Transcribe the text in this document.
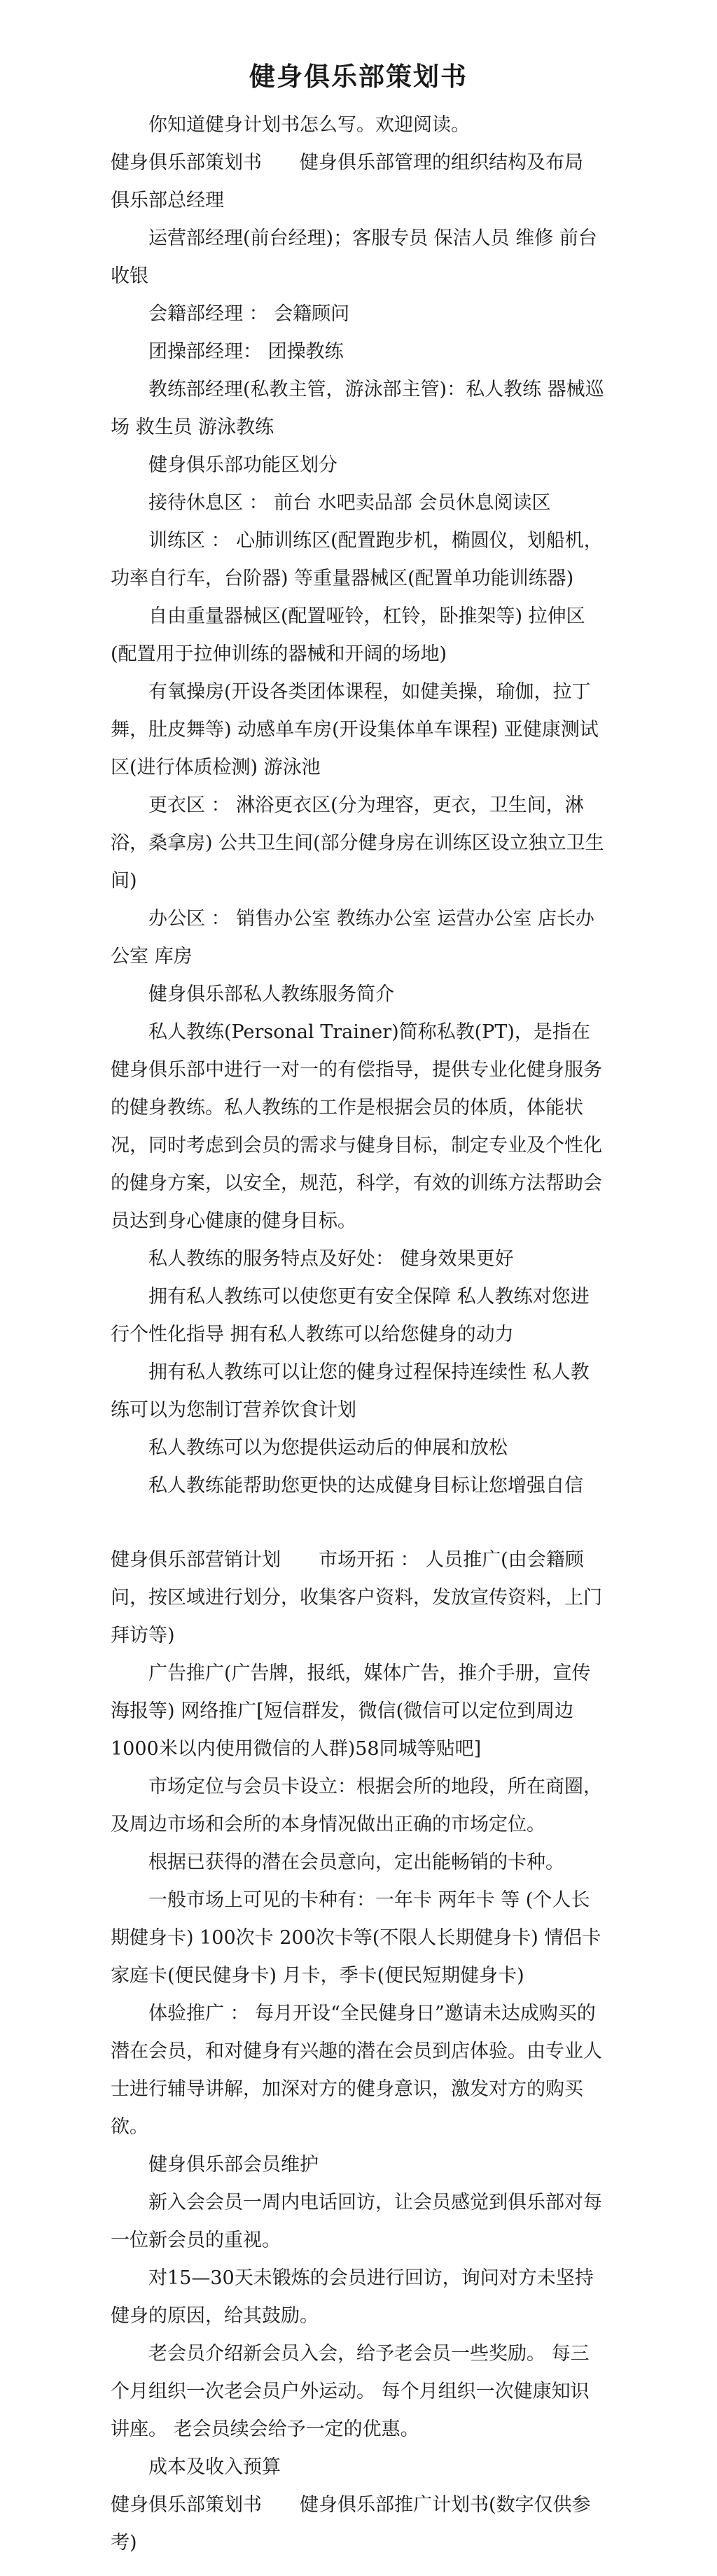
健身俱乐部策划书

你知道健身计划书怎么写。欢迎阅读。

健身俱乐部策划书　　健身俱乐部管理的组织结构及布局 俱乐部总经理

运营部经理(前台经理)；客服专员 保洁人员 维修 前台 收银

会籍部经理 ： 会籍顾问

团操部经理： 团操教练

教练部经理(私教主管，游泳部主管)：私人教练 器械巡场 救生员 游泳教练

健身俱乐部功能区划分

接待休息区 ： 前台 水吧卖品部 会员休息阅读区

训练区 ： 心肺训练区(配置跑步机，椭圆仪，划船机，功率自行车，台阶器) 等重量器械区(配置单功能训练器)

自由重量器械区(配置哑铃，杠铃，卧推架等) 拉伸区(配置用于拉伸训练的器械和开阔的场地)

有氧操房(开设各类团体课程，如健美操，瑜伽，拉丁舞，肚皮舞等) 动感单车房(开设集体单车课程) 亚健康测试区(进行体质检测) 游泳池

更衣区 ： 淋浴更衣区(分为理容，更衣，卫生间，淋浴，桑拿房) 公共卫生间(部分健身房在训练区设立独立卫生间)

办公区 ： 销售办公室 教练办公室 运营办公室 店长办公室 库房

健身俱乐部私人教练服务简介

私人教练(Personal Trainer)简称私教(PT)，是指在健身俱乐部中进行一对一的有偿指导，提供专业化健身服务的健身教练。私人教练的工作是根据会员的体质，体能状况，同时考虑到会员的需求与健身目标，制定专业及个性化的健身方案，以安全，规范，科学，有效的训练方法帮助会员达到身心健康的健身目标。

私人教练的服务特点及好处： 健身效果更好

拥有私人教练可以使您更有安全保障 私人教练对您进行个性化指导 拥有私人教练可以给您健身的动力

拥有私人教练可以让您的健身过程保持连续性 私人教练可以为您制订营养饮食计划

私人教练可以为您提供运动后的伸展和放松

私人教练能帮助您更快的达成健身目标让您增强自信

健身俱乐部营销计划　　市场开拓 ： 人员推广(由会籍顾问，按区域进行划分，收集客户资料，发放宣传资料，上门拜访等)

广告推广(广告牌，报纸，媒体广告，推介手册，宣传海报等) 网络推广[短信群发，微信(微信可以定位到周边1000米以内使用微信的人群)58同城等贴吧]

市场定位与会员卡设立：根据会所的地段，所在商圈，及周边市场和会所的本身情况做出正确的市场定位。

根据已获得的潜在会员意向，定出能畅销的卡种。

一般市场上可见的卡种有：一年卡 两年卡 等 (个人长期健身卡) 100次卡 200次卡等(不限人长期健身卡) 情侣卡 家庭卡(便民健身卡) 月卡，季卡(便民短期健身卡)

体验推广 ： 每月开设“全民健身日”邀请未达成购买的潜在会员，和对健身有兴趣的潜在会员到店体验。由专业人士进行辅导讲解，加深对方的健身意识，激发对方的购买欲。

健身俱乐部会员维护

新入会会员一周内电话回访，让会员感觉到俱乐部对每一位新会员的重视。

对15—30天未锻炼的会员进行回访，询问对方未坚持健身的原因，给其鼓励。

老会员介绍新会员入会，给予老会员一些奖励。 每三个月组织一次老会员户外运动。 每个月组织一次健康知识讲座。 老会员续会给予一定的优惠。

成本及收入预算

健身俱乐部策划书　　健身俱乐部推广计划书(数字仅供参考)
